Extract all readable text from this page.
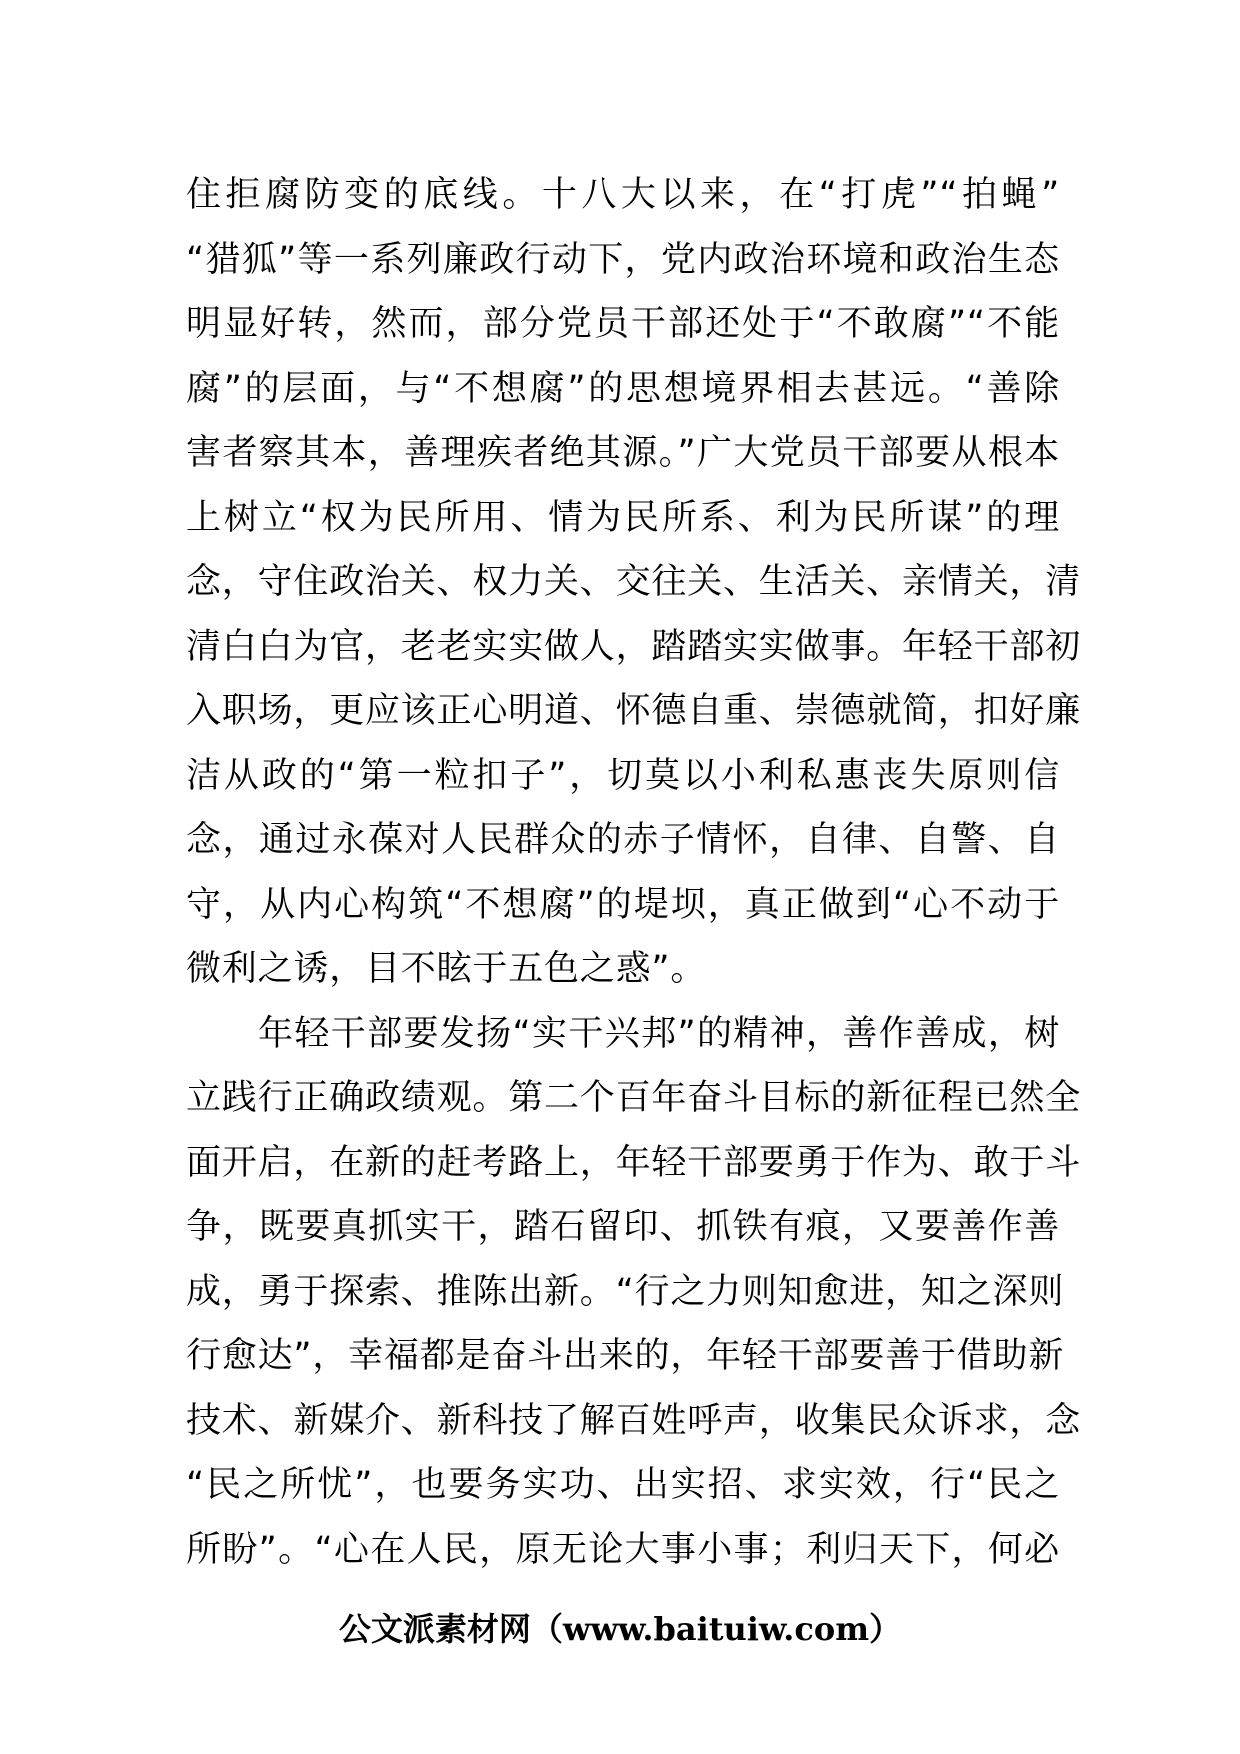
住拒腐防变的底线。十八大以来，在“打虎”“拍蝇”
“猎狐”等一系列廉政行动下，党内政治环境和政治生态
明显好转，然而，部分党员干部还处于“不敢腐”“不能
腐”的层面，与“不想腐”的思想境界相去甚远。“善除
害者察其本，善理疾者绝其源。”广大党员干部要从根本
上树立“权为民所用、情为民所系、利为民所谋”的理
念，守住政治关、权力关、交往关、生活关、亲情关，清
清白白为官，老老实实做人，踏踏实实做事。年轻干部初
入职场，更应该正心明道、怀德自重、崇德就简，扣好廉
洁从政的“第一粒扣子”，切莫以小利私惠丧失原则信
念，通过永葆对人民群众的赤子情怀，自律、自警、自
守，从内心构筑“不想腐”的堤坝，真正做到“心不动于
微利之诱，目不眩于五色之惑”。
年轻干部要发扬“实干兴邦”的精神，善作善成，树
立践行正确政绩观。第二个百年奋斗目标的新征程已然全
面开启，在新的赶考路上，年轻干部要勇于作为、敢于斗
争，既要真抓实干，踏石留印、抓铁有痕，又要善作善
成，勇于探索、推陈出新。“行之力则知愈进，知之深则
行愈达”，幸福都是奋斗出来的，年轻干部要善于借助新
技术、新媒介、新科技了解百姓呼声，收集民众诉求，念
“民之所忧”，也要务实功、出实招、求实效，行“民之
所盼”。“心在人民，原无论大事小事；利归天下，何必
公文派素材网（www.baituiw.com）
